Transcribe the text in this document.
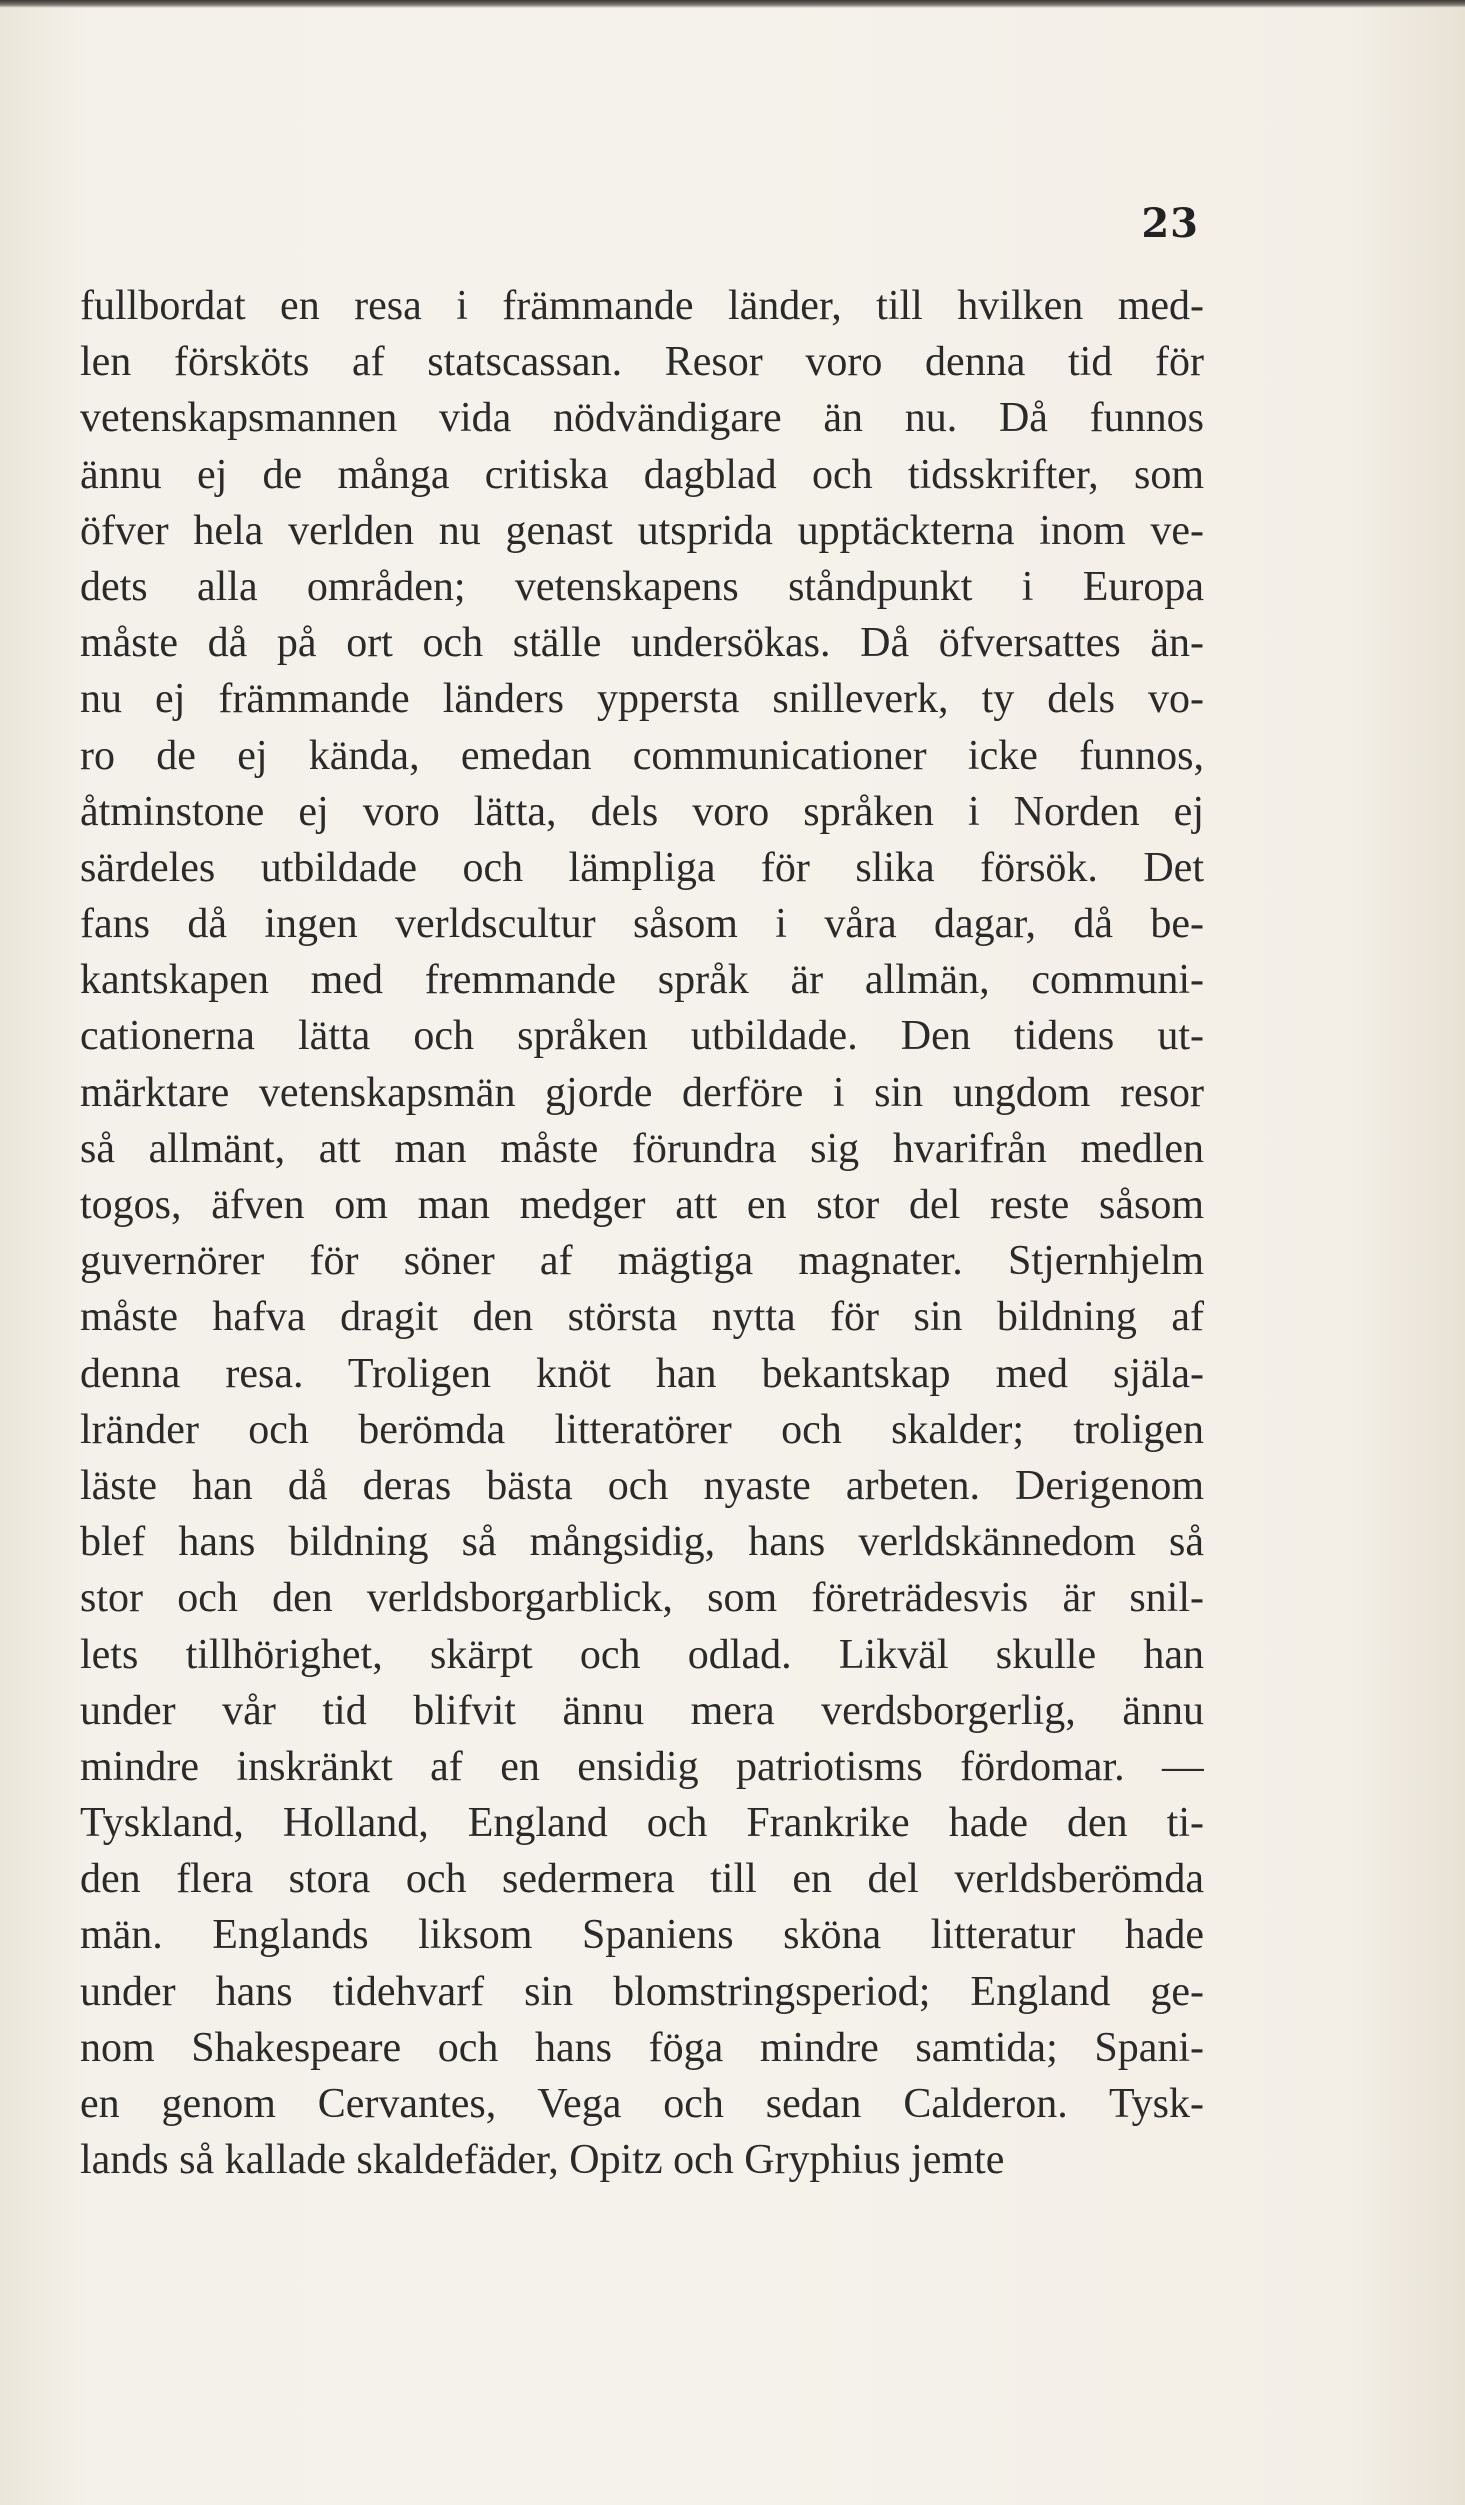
23
fullbordat en resa i främmande länder, till hvilken med-
len försköts af statscassan. Resor voro denna tid för
vetenskapsmannen vida nödvändigare än nu. Då funnos
ännu ej de många critiska dagblad och tidsskrifter, som
öfver hela verlden nu genast utsprida upptäckterna inom ve-
dets alla områden; vetenskapens ståndpunkt i Europa
måste då på ort och ställe undersökas. Då öfversattes än-
nu ej främmande länders yppersta snilleverk, ty dels vo-
ro de ej kända, emedan communicationer icke funnos,
åtminstone ej voro lätta, dels voro språken i Norden ej
särdeles utbildade och lämpliga för slika försök. Det
fans då ingen verldscultur såsom i våra dagar, då be-
kantskapen med fremmande språk är allmän, communi-
cationerna lätta och språken utbildade. Den tidens ut-
märktare vetenskapsmän gjorde derföre i sin ungdom resor
så allmänt, att man måste förundra sig hvarifrån medlen
togos, äfven om man medger att en stor del reste såsom
guvernörer för söner af mägtiga magnater. Stjernhjelm
måste hafva dragit den största nytta för sin bildning af
denna resa. Troligen knöt han bekantskap med själa-
lränder och berömda litteratörer och skalder; troligen
läste han då deras bästa och nyaste arbeten. Derigenom
blef hans bildning så mångsidig, hans verldskännedom så
stor och den verldsborgarblick, som företrädesvis är snil-
lets tillhörighet, skärpt och odlad. Likväl skulle han
under vår tid blifvit ännu mera verdsborgerlig, ännu
mindre inskränkt af en ensidig patriotisms fördomar. —
Tyskland, Holland, England och Frankrike hade den ti-
den flera stora och sedermera till en del verldsberömda
män. Englands liksom Spaniens sköna litteratur hade
under hans tidehvarf sin blomstringsperiod; England ge-
nom Shakespeare och hans föga mindre samtida; Spani-
en genom Cervantes, Vega och sedan Calderon. Tysk-
lands så kallade skaldefäder, Opitz och Gryphius jemte
